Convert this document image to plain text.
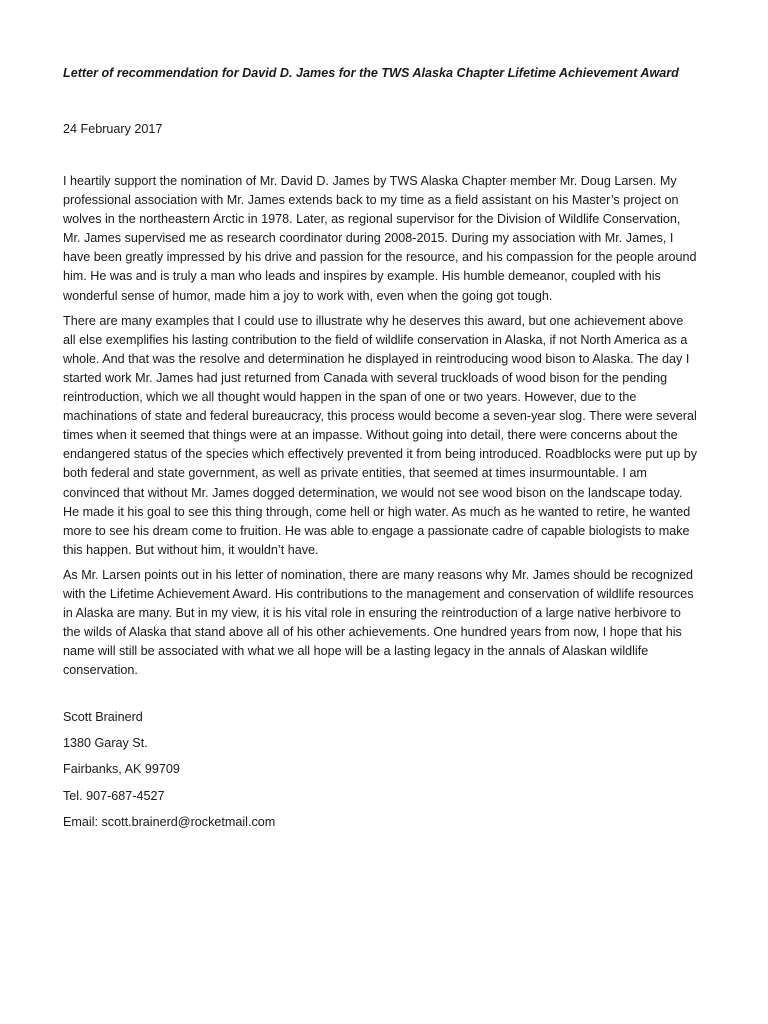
Letter of recommendation for David D. James for the TWS Alaska Chapter Lifetime Achievement Award

24 February 2017

I heartily support the nomination of Mr. David D. James by TWS Alaska Chapter member Mr. Doug Larsen. My professional association with Mr. James extends back to my time as a field assistant on his Master’s project on wolves in the northeastern Arctic in 1978. Later, as regional supervisor for the Division of Wildlife Conservation, Mr. James supervised me as research coordinator during 2008-2015. During my association with Mr. James, I have been greatly impressed by his drive and passion for the resource, and his compassion for the people around him. He was and is truly a man who leads and inspires by example. His humble demeanor, coupled with his wonderful sense of humor, made him a joy to work with, even when the going got tough.

There are many examples that I could use to illustrate why he deserves this award, but one achievement above all else exemplifies his lasting contribution to the field of wildlife conservation in Alaska, if not North America as a whole. And that was the resolve and determination he displayed in reintroducing wood bison to Alaska. The day I started work Mr. James had just returned from Canada with several truckloads of wood bison for the pending reintroduction, which we all thought would happen in the span of one or two years. However, due to the machinations of state and federal bureaucracy, this process would become a seven-year slog. There were several times when it seemed that things were at an impasse. Without going into detail, there were concerns about the endangered status of the species which effectively prevented it from being introduced. Roadblocks were put up by both federal and state government, as well as private entities, that seemed at times insurmountable. I am convinced that without Mr. James dogged determination, we would not see wood bison on the landscape today. He made it his goal to see this thing through, come hell or high water. As much as he wanted to retire, he wanted more to see his dream come to fruition. He was able to engage a passionate cadre of capable biologists to make this happen. But without him, it wouldn’t have.

As Mr. Larsen points out in his letter of nomination, there are many reasons why Mr. James should be recognized with the Lifetime Achievement Award. His contributions to the management and conservation of wildlife resources in Alaska are many. But in my view, it is his vital role in ensuring the reintroduction of a large native herbivore to the wilds of Alaska that stand above all of his other achievements. One hundred years from now, I hope that his name will still be associated with what we all hope will be a lasting legacy in the annals of Alaskan wildlife conservation.

Scott Brainerd
1380 Garay St.
Fairbanks, AK 99709
Tel. 907-687-4527
Email: scott.brainerd@rocketmail.com
